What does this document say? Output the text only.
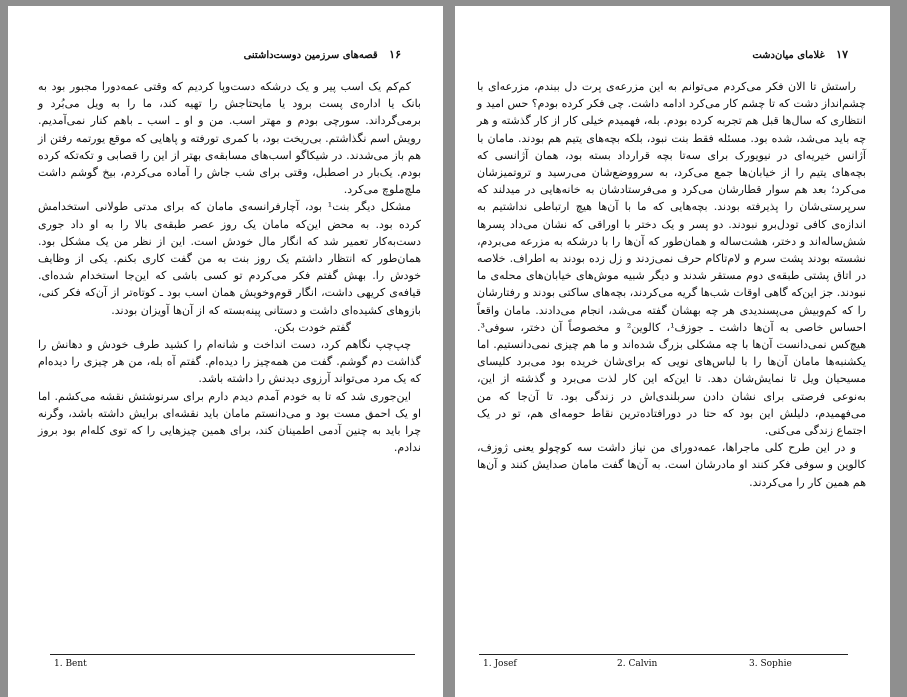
۱۶ قصه‌های سرزمین دوست‌داشتنی

کم‌کم یک اسب پیر و یک درشکه دست‌وپا کردیم که وقتی عمه‌دورا مجبور بود به بانک یا اداره‌ی پست برود یا مایحتاجش را تهیه کند، ما را به ویل می‌بُرد و برمی‌گرداند. سورچی بودم و مهتر اسب. من و او ـ اسب ـ باهم کنار نمی‌آمدیم. رویش اسم نگذاشتم. بی‌ریخت بود، با کمری تورفته و پاهایی که موقع یورتمه رفتن از هم باز می‌شدند. در شیکاگو اسب‌های مسابقه‌ی بهتر از این را قصابی و تکه‌تکه کرده بودم. یک‌بار در اصطبل، وقتی برای شب جاش را آماده می‌کردم، بیخ گوشم داشت ملچ‌ملوچ می‌کرد.

مشکل دیگر بنت¹ بود، آچارفرانسه‌ی مامان که برای مدتی طولانی استخدامش کرده بود. به محض این‌که مامان یک روز عصر طبقه‌ی بالا را به او داد جوری دست‌به‌کار تعمیر شد که انگار مال خودش است. این از نظر من یک مشکل بود. همان‌طور که انتظار داشتم یک روز بنت به من گفت کاری بکنم. یکی از وظایف خودش را. بهش گفتم فکر می‌کردم تو کسی باشی که این‌جا استخدام شده‌ای. قیافه‌ی کریهی داشت، انگار قوم‌وخویش همان اسب بود ـ کوتاه‌تر از آن‌که فکر کنی، بازوهای کشیده‌ای داشت و دستانی پینه‌بسته که از آن‌ها آویزان بودند.

گفتم خودت بکن.

چپ‌چپ نگاهم کرد، دست انداخت و شانه‌ام را کشید طرف خودش و دهانش را گذاشت دم گوشم. گفت من همه‌چیز را دیده‌ام. گفتم آه بله، من هر چیزی را دیده‌ام که یک مرد می‌تواند آرزوی دیدنش را داشته باشد.

این‌جوری شد که تا به خودم آمدم دیدم دارم برای سرنوشتش نقشه می‌کشم. اما او یک احمق مست بود و می‌دانستم مامان باید نقشه‌ای برایش داشته باشد، وگرنه چرا باید به چنین آدمی اطمینان کند، برای همین چیزهایی را که توی کله‌ام بود بروز ندادم.

1. Bent
۱۷ غلامای میان‌دشت

راستش تا الان فکر می‌کردم می‌توانم به این مزرعه‌ی پرت دل ببندم، مزرعه‌ای با چشم‌انداز دشت که تا چشم کار می‌کرد ادامه داشت. چی فکر کرده بودم؟ حس امید و انتظاری که سال‌ها قبل هم تجربه کرده بودم. بله، فهمیدم خیلی کار از کار گذشته و هر چه باید می‌شد، شده بود. مسئله فقط بنت نبود، بلکه بچه‌های یتیم هم بودند. مامان با آژانس خیریه‌ای در نیویورک برای سه‌تا بچه قرارداد بسته بود، همان آژانسی که بچه‌های یتیم را از خیابان‌ها جمع می‌کرد، به سرووضع‌شان می‌رسید و تروتمیزشان می‌کرد؛ بعد هم سوار قطارشان می‌کرد و می‌فرستادشان به خانه‌هایی در میدلند که سرپرستی‌شان را پذیرفته بودند. بچه‌هایی که ما با آن‌ها هیچ ارتباطی نداشتیم به اندازه‌ی کافی تودل‌برو نبودند. دو پسر و یک دختر با اوراقی که نشان می‌داد پسرها شش‌ساله‌اند و دختر، هشت‌ساله و همان‌طور که آن‌ها را با درشکه به مزرعه می‌بردم، نشسته بودند پشت سرم و لام‌تاکام حرف نمی‌زدند و زل زده بودند به اطراف. خلاصه در اتاق پشتی طبقه‌ی دوم مستقر شدند و دیگر شبیه موش‌های خیابان‌های محله‌ی ما نبودند. جز این‌که گاهی اوقات شب‌ها گریه می‌کردند، بچه‌های ساکتی بودند و رفتارشان را که کم‌وبیش می‌پسندیدی هر چه بهشان گفته می‌شد، انجام می‌دادند. مامان واقعاً احساس خاصی به آن‌ها داشت ـ جوزف¹، کالوین² و مخصوصاً آن دختر، سوفی³. هیچ‌کس نمی‌دانست آن‌ها با چه مشکلی بزرگ شده‌اند و ما هم چیزی نمی‌دانستیم. اما یکشنبه‌ها مامان آن‌ها را با لباس‌های نویی که برای‌شان خریده بود می‌برد کلیسای مسیحیان ویل تا نمایش‌شان دهد. تا این‌که این کار لذت می‌برد و گذشته از این، به‌نوعی فرصتی برای نشان دادن سربلندی‌اش در زندگی بود. تا آن‌جا که من می‌فهمیدم، دلیلش این بود که حتا در دورافتاده‌ترین نقاط حومه‌ای هم، تو در یک اجتماع زندگی می‌کنی.

و در این طرح کلی ماجراها، عمه‌دورای من نیاز داشت سه کوچولو یعنی ژوزف، کالوین و سوفی فکر کنند او مادرشان است. به آن‌ها گفت مامان صدایش کنند و آن‌ها هم همین کار را می‌کردند.

1. Josef	2. Calvin	3. Sophie
